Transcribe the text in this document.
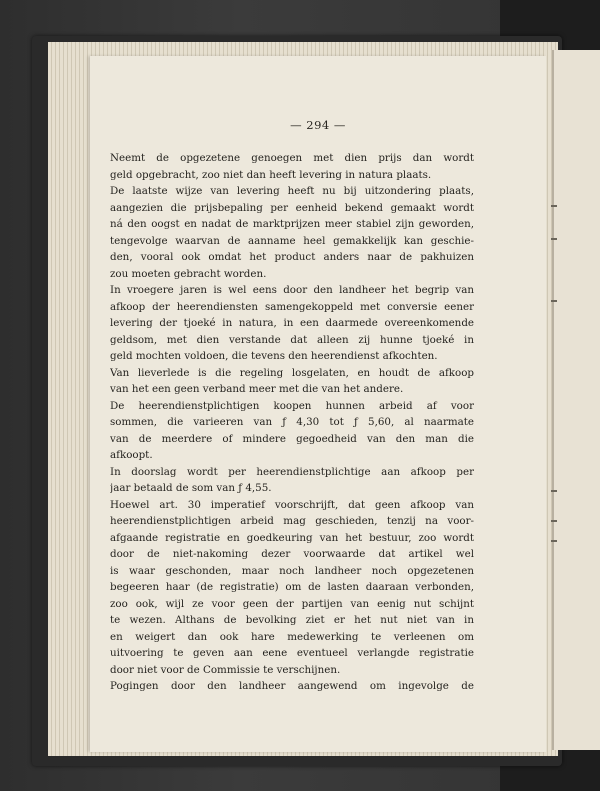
— 294 —
Neemt de opgezetene genoegen met dien prijs dan wordt
geld opgebracht, zoo niet dan heeft levering in natura plaats.
De laatste wijze van levering heeft nu bij uitzondering plaats,
aangezien die prijsbepaling per eenheid bekend gemaakt wordt
ná den oogst en nadat de marktprijzen meer stabiel zijn geworden,
tengevolge waarvan de aanname heel gemakkelijk kan geschie-
den, vooral ook omdat het product anders naar de pakhuizen
zou moeten gebracht worden.
In vroegere jaren is wel eens door den landheer het begrip van
afkoop der heerendiensten samengekoppeld met conversie eener
levering der tjoeké in natura, in een daarmede overeenkomende
geldsom, met dien verstande dat alleen zij hunne tjoeké in
geld mochten voldoen, die tevens den heerendienst afkochten.
Van lieverlede is die regeling losgelaten, en houdt de afkoop
van het een geen verband meer met die van het andere.
De heerendienstplichtigen koopen hunnen arbeid af voor
sommen, die varieeren van ƒ 4,30 tot ƒ 5,60, al naarmate
van de meerdere of mindere gegoedheid van den man die
afkoopt.
In doorslag wordt per heerendienstplichtige aan afkoop per
jaar betaald de som van ƒ 4,55.
Hoewel art. 30 imperatief voorschrijft, dat geen afkoop van
heerendienstplichtigen arbeid mag geschieden, tenzij na voor-
afgaande registratie en goedkeuring van het bestuur, zoo wordt
door de niet-nakoming dezer voorwaarde dat artikel wel
is waar geschonden, maar noch landheer noch opgezetenen
begeeren haar (de registratie) om de lasten daaraan verbonden,
zoo ook, wijl ze voor geen der partijen van eenig nut schijnt
te wezen. Althans de bevolking ziet er het nut niet van in
en weigert dan ook hare medewerking te verleenen om
uitvoering te geven aan eene eventueel verlangde registratie
door niet voor de Commissie te verschijnen.
Pogingen door den landheer aangewend om ingevolge de
